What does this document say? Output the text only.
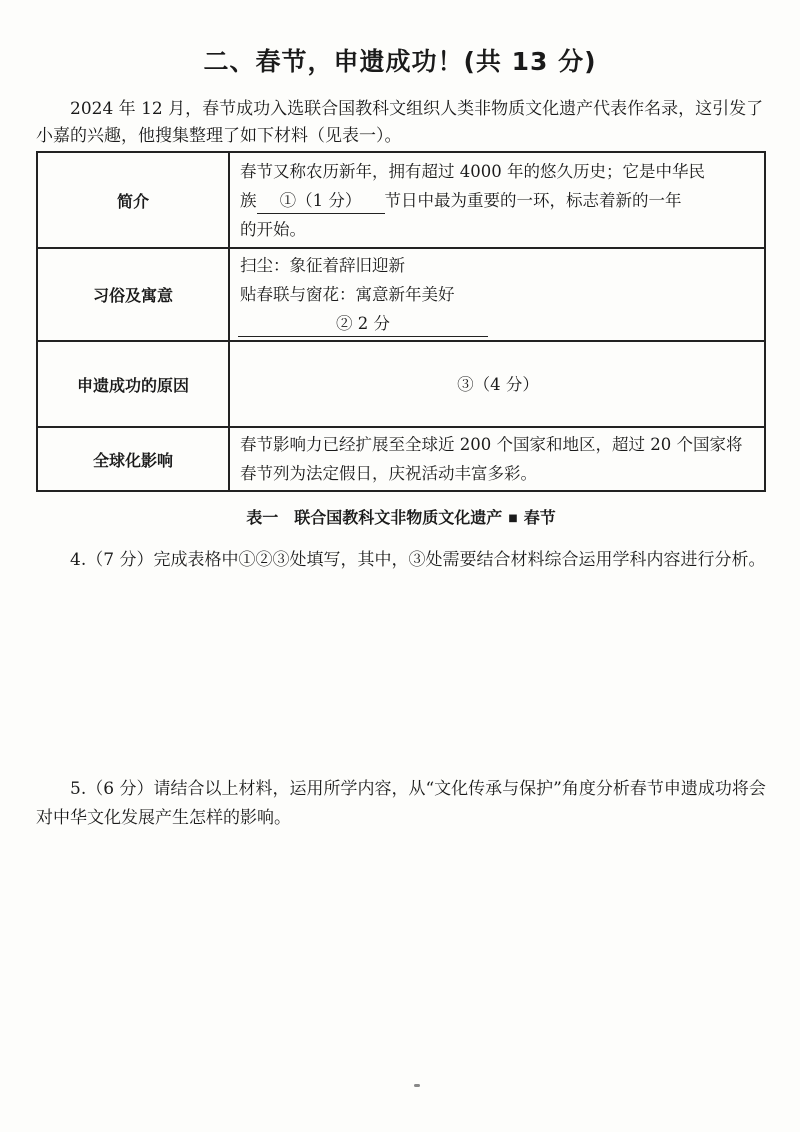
二、春节，申遗成功！(共 13 分)
2024 年 12 月，春节成功入选联合国教科文组织人类非物质文化遗产代表作名录，这引发了小嘉的兴趣，他搜集整理了如下材料（见表一）。
简介	春节又称农历新年，拥有超过 4000 年的悠久历史；它是中华民
族 ①（1 分） 节日中最为重要的一环，标志着新的一年
的开始。

习俗及寓意	扫尘：象征着辞旧迎新
贴春联与窗花：寓意新年美好
② 2 分

申遗成功的原因	③（4 分）
全球化影响	春节影响力已经扩展至全球近 200 个国家和地区，超过 20 个国家将春节列为法定假日，庆祝活动丰富多彩。
表一　联合国教科文非物质文化遗产 ■ 春节
4.（7 分）完成表格中①②③处填写，其中，③处需要结合材料综合运用学科内容进行分析。
5.（6 分）请结合以上材料，运用所学内容，从“文化传承与保护”角度分析春节申遗成功将会对中华文化发展产生怎样的影响。
